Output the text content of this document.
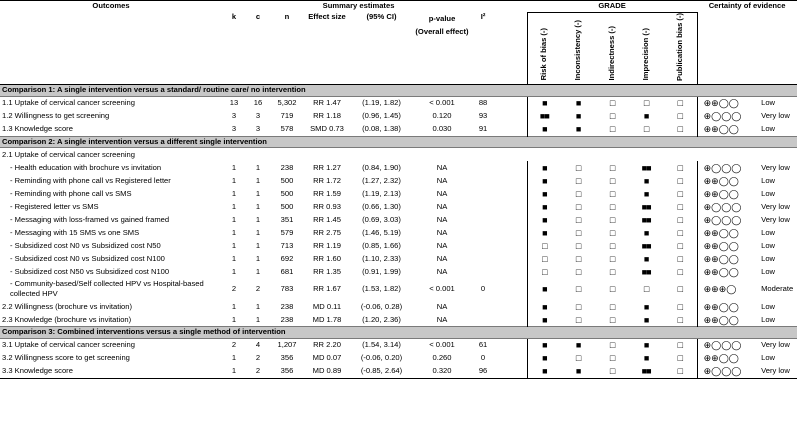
Outcomes	Summary estimates								GRADE					Certainty of evidence	
	k	c	n	Effect size	(95% CI)	p-value (Overall effect)	I²		Risk of bias (-)	Inconsistency (-)	Indirectness (-)	Imprecision (-)	Publication bias (-)		
Comparison 1: A single intervention versus a standard/ routine care/ no intervention															
1.1 Uptake of cervical cancer screening	13	16	5,302	RR 1.47	(1.19, 1.82)	< 0.001	88		■	■	□	□	□	⊕⊕◯◯	Low
1.2 Willingness to get screening	3	3	719	RR 1.18	(0.96, 1.45)	0.120	93		■■	■	□	■	□	⊕◯◯◯	Very low
1.3 Knowledge score	3	3	578	SMD 0.73	(0.08, 1.38)	0.030	91		■	■	□	□	□	⊕⊕◯◯	Low
Comparison 2: A single intervention versus a different single intervention															
2.1 Uptake of cervical cancer screening															
- Health education with brochure vs invitation	1	1	238	RR 1.27	(0.84, 1.90)	NA			■	□	□	■■	□	⊕◯◯◯	Very low
- Reminding with phone call vs Registered letter	1	1	500	RR 1.72	(1.27, 2.32)	NA			■	□	□	■	□	⊕⊕◯◯	Low
- Reminding with phone call vs SMS	1	1	500	RR 1.59	(1.19, 2.13)	NA			■	□	□	■	□	⊕⊕◯◯	Low
- Registered letter vs SMS	1	1	500	RR 0.93	(0.66, 1.30)	NA			■	□	□	■■	□	⊕◯◯◯	Very low
- Messaging with loss-framed vs gained framed	1	1	351	RR 1.45	(0.69, 3.03)	NA			■	□	□	■■	□	⊕◯◯◯	Very low
- Messaging with 15 SMS vs one SMS	1	1	579	RR 2.75	(1.46, 5.19)	NA			■	□	□	■	□	⊕⊕◯◯	Low
- Subsidized cost N0 vs Subsidized cost N50	1	1	713	RR 1.19	(0.85, 1.66)	NA			□	□	□	■■	□	⊕⊕◯◯	Low
- Subsidized cost N0 vs Subsidized cost N100	1	1	692	RR 1.60	(1.10, 2.33)	NA			□	□	□	■	□	⊕⊕◯◯	Low
- Subsidized cost N50 vs Subsidized cost N100	1	1	681	RR 1.35	(0.91, 1.99)	NA			□	□	□	■■	□	⊕⊕◯◯	Low
- Community-based/Self collected HPV vs Hospital-based collected HPV	2	2	783	RR 1.67	(1.53, 1.82)	< 0.001	0		■	□	□	□	□	⊕⊕⊕◯	Moderate
2.2 Willingness (brochure vs invitation)	1	1	238	MD 0.11	(-0.06, 0.28)	NA			■	□	□	■	□	⊕⊕◯◯	Low
2.3 Knowledge (brochure vs invitation)	1	1	238	MD 1.78	(1.20, 2.36)	NA			■	□	□	■	□	⊕⊕◯◯	Low
Comparison 3: Combined interventions versus a single method of intervention															
3.1 Uptake of cervical cancer screening	2	4	1,207	RR 2.20	(1.54, 3.14)	< 0.001	61		■	■	□	■	□	⊕◯◯◯	Very low
3.2 Willingness score to get screening	1	2	356	MD 0.07	(-0.06, 0.20)	0.260	0		■	□	□	■	□	⊕⊕◯◯	Low
3.3 Knowledge score	1	2	356	MD 0.89	(-0.85, 2.64)	0.320	96		■	■	□	■■	□	⊕◯◯◯	Very low
